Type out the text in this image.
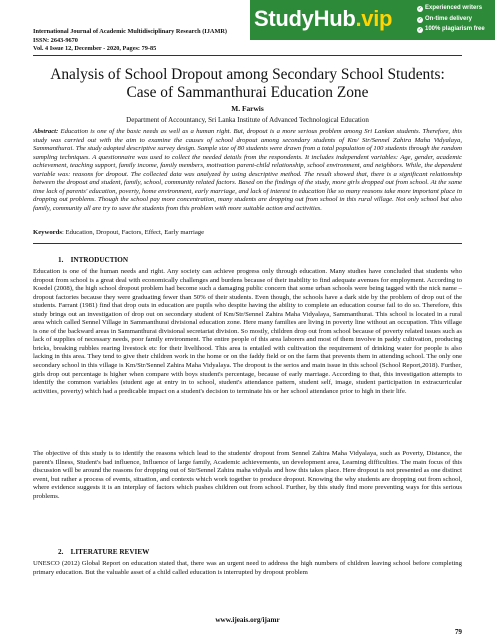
International Journal of Academic Multidisciplinary Research (IJAMR)
ISSN: 2643-9670
Vol. 4 Issue 12, December - 2020, Pages: 79-85
StudyHub.vip	✓ Experienced writers
✓ On-time delivery
✓ 100% plagiarism free
Analysis of School Dropout among Secondary School Students:
Case of Sammanthurai Education Zone
M. Farwis
Department of Accountancy, Sri Lanka Institute of Advanced Technological Education
Abstract: Education is one of the basic needs as well as a human right. But, dropout is a more serious problem among Sri Lankan students. Therefore, this study was carried out with the aim to examine the causes of school dropout among secondary students of Km/ Str/Sennel Zahira Maha Vidyalaya, Sammanthurai. The study adopted descriptive survey design. Sample size of 80 students were drawn from a total population of 100 students through the random sampling techniques. A questionnaire was used to collect the needed details from the respondents. It includes independent variables: Age, gender, academic achievement, teaching support, family income, family members, motivation parent-child relationship, school environment, and neighbors. While, the dependent variable was: reasons for dropout. The collected data was analyzed by using descriptive method. The result showed that, there is a significant relationship between the dropout and student, family, school, community related factors. Based on the findings of the study, more girls dropped out from school. At the same time lack of parents' education, poverty, home environment, early marriage, and lack of interest in education like so many reasons take more important place in dropping out problems. Though the school pay more concentration, many students are dropping out from school in this rural village. Not only school but also family, community all are try to save the students from this problem with more suitable action and activities.
Keywords: Education, Dropout, Factors, Effect, Early marriage
1.    INTRODUCTION
Education is one of the human needs and right. Any society can achieve progress only through education. Many studies have concluded that students who dropout from school is a great deal with economically challenges and burdens because of their inability to find adequate avenues for employment. According to Koedel (2008), the high school dropout problem had become such a damaging public concern that some urban schools were being tagged with the nick name –dropout factories because they were graduating fewer than 50% of their students. Even though, the schools have a dark side by the problem of drop out of the students. Farrant (1981) find that drop outs in education are pupils who despite having the ability to complete an education course fail to do so. Therefore, this study brings out an investigation of drop out on secondary student of Km/Str/Sennel Zahira Maha Vidyalaya, Sammanthurai. This school is located in a rural area which called Sennel Village in Sammanthurai divisional education zone. Here many families are living in poverty line without an occupation. This village is one of the backward areas in Sammanthurai divisional secretariat division. So mostly, children drop out from school because of poverty related issues such as lack of supplies of necessary needs, poor family environment. The entire people of this area laborers and most of them involve in paddy cultivation, producing bricks, breaking rubbles rearing livestock etc for their livelihood. This area is entailed with cultivation the requirement of drinking water for people is also lacking in this area. They tend to give their children work in the home or on the faddy field or on the farm that prevents them in attending school. The only one secondary school in this village is Km/Str/Sennel Zahira Maha Vidyalaya. The dropout is the serios and main issue in this school (School Report,2018). Further, girls drop out percentage is higher when compare with boys student's percentage, because of early marriage. According to that, this investigation attempts to identify the common variables (student age at entry in to school, student's attendance pattern, student self, image, student participation in extracurricular activities, poverty) which had a predicable impact on a student's decision to terminate his or her school attendance prior to high in their life.
The objective of this study is to identify the reasons which lead to the students' dropout from Sennel Zahira Maha Vidyalaya, such as Poverty, Distance, the parent's Illness, Student's bad influence, Influence of large family, Academic achievements, un development area, Learning difficulties. The main focus of this discussion will be around the reasons for dropping out of Str/Sennel Zahira maha vidyala and how this takes place. Here dropout is not presented as one distinct event, but rather a process of events, situation, and contexts which work together to produce dropout. Knowing the why students are dropping out from school, where evidence suggests it is an interplay of factors which pushes children out from school. Further, by this study find more preventing ways for this serious problems.
2.    LITERATURE REVIEW
UNESCO (2012) Global Report on education stated that, there was an urgent need to address the high numbers of children leaving school before completing primary education. But the valuable asset of a child called education is interrupted by dropout problem
www.ijeais.org/ijamr
79
